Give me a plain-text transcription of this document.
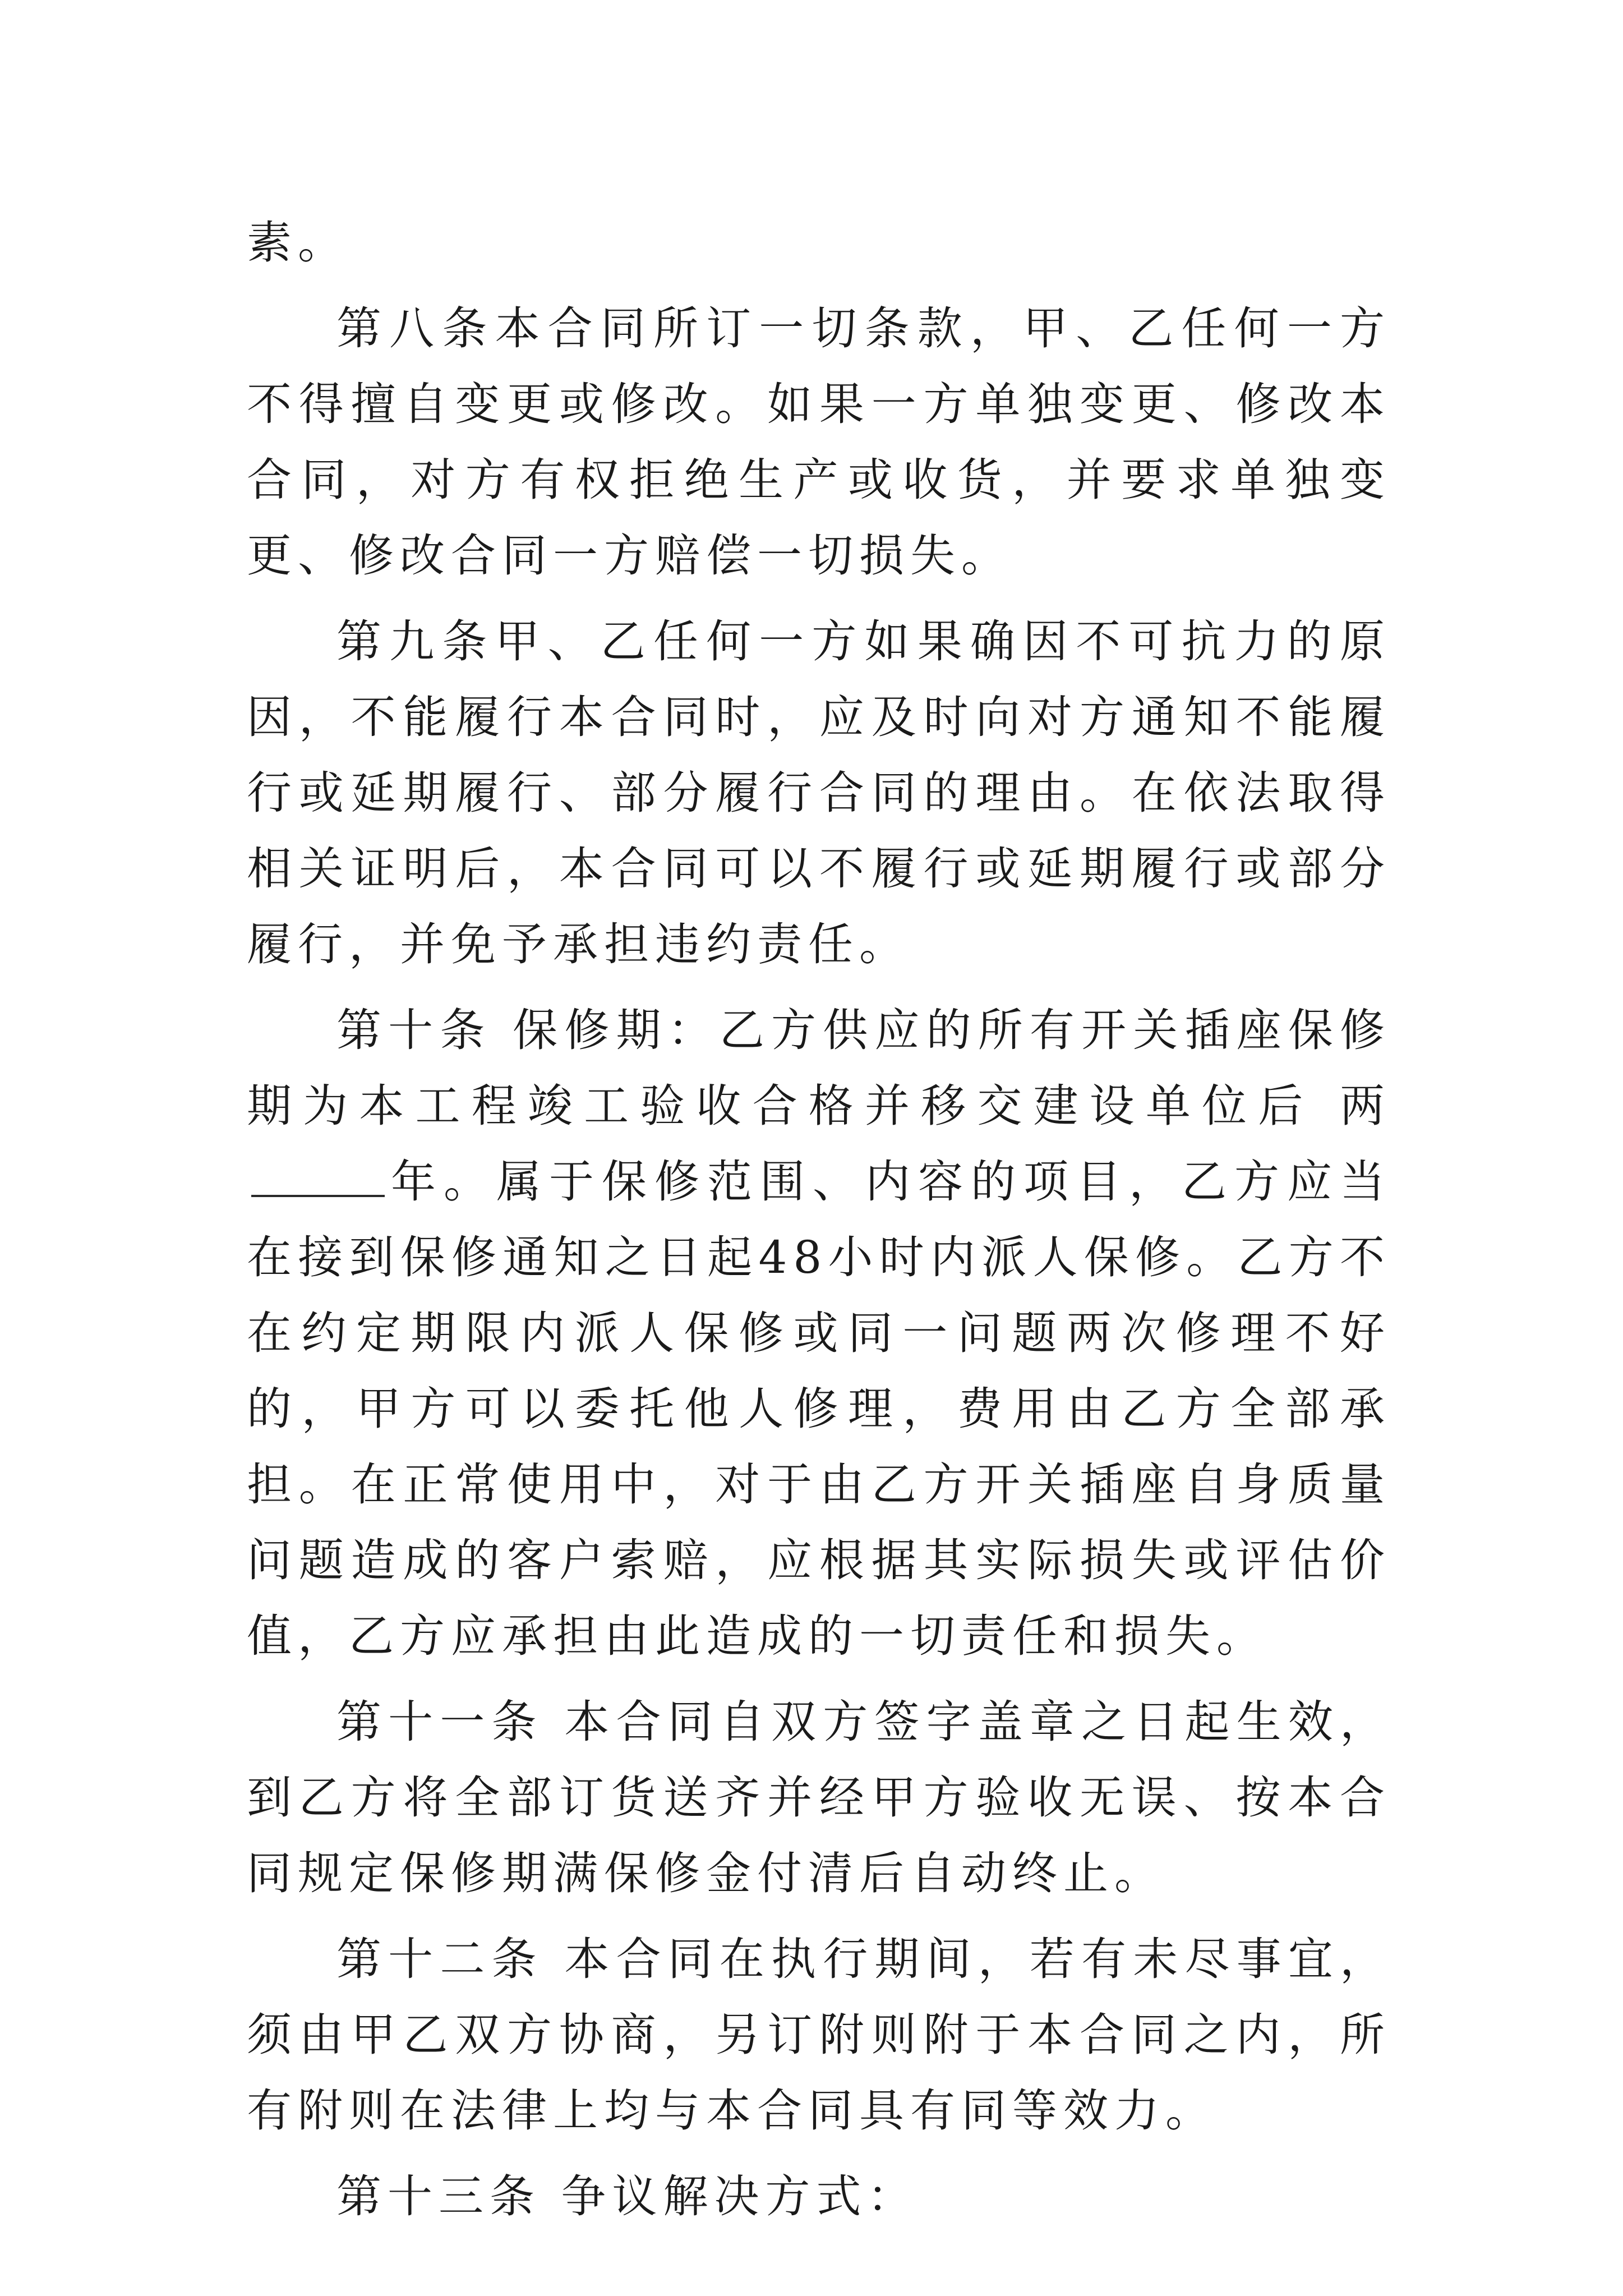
素。

第八条本合同所订一切条款，甲、乙任何一方不得擅自变更或修改。如果一方单独变更、修改本合同，对方有权拒绝生产或收货，并要求单独变更、修改合同一方赔偿一切损失。

第九条甲、乙任何一方如果确因不可抗力的原因，不能履行本合同时，应及时向对方通知不能履行或延期履行、部分履行合同的理由。在依法取得相关证明后，本合同可以不履行或延期履行或部分履行，并免予承担违约责任。

第十条 保修期：乙方供应的所有开关插座保修期为本工程竣工验收合格并移交建设单位后 两年。属于保修范围、内容的项目，乙方应当在接到保修通知之日起48小时内派人保修。乙方不在约定期限内派人保修或同一问题两次修理不好的，甲方可以委托他人修理，费用由乙方全部承担。在正常使用中，对于由乙方开关插座自身质量问题造成的客户索赔，应根据其实际损失或评估价值，乙方应承担由此造成的一切责任和损失。

第十一条 本合同自双方签字盖章之日起生效，到乙方将全部订货送齐并经甲方验收无误、按本合同规定保修期满保修金付清后自动终止。

第十二条 本合同在执行期间，若有未尽事宜，须由甲乙双方协商，另订附则附于本合同之内，所有附则在法律上均与本合同具有同等效力。

第十三条 争议解决方式：
